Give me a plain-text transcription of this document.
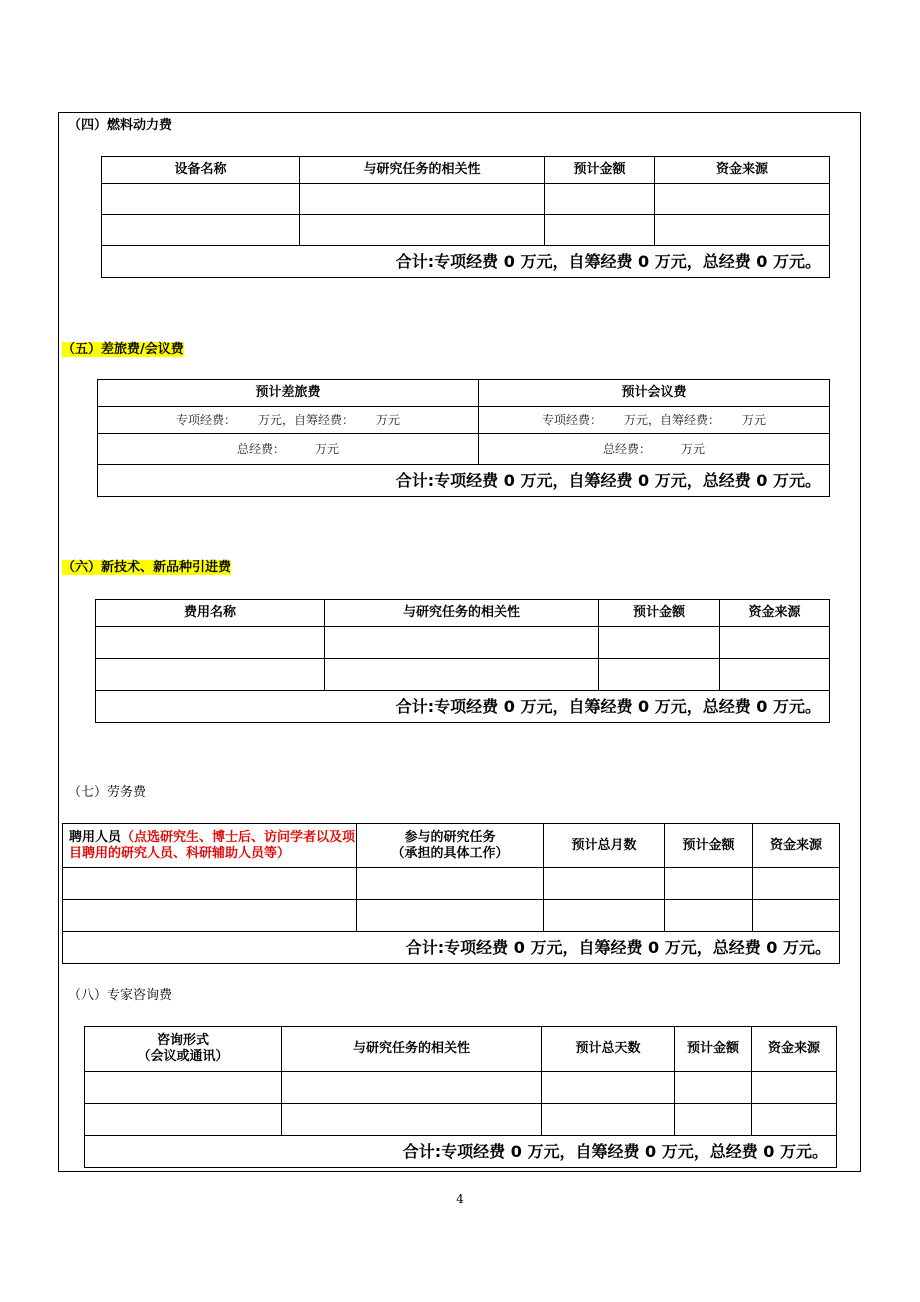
（四）燃料动力费
设备名称	与研究任务的相关性	预计金额	资金来源

合计:专项经费 0 万元，自筹经费 0 万元，总经费 0 万元。			
（五）差旅费/会议费
预计差旅费	预计会议费
专项经费： 万元，自筹经费： 万元	专项经费： 万元，自筹经费： 万元
总经费： 万元	总经费： 万元
合计:专项经费 0 万元，自筹经费 0 万元，总经费 0 万元。	
（六）新技术、新品种引进费
费用名称	与研究任务的相关性	预计金额	资金来源

合计:专项经费 0 万元，自筹经费 0 万元，总经费 0 万元。			
（七）劳务费
聘用人员（点选研究生、博士后、访问学者以及项目聘用的研究人员、科研辅助人员等）	参与的研究任务
（承担的具体工作）	预计总月数	预计金额	资金来源

合计:专项经费 0 万元，自筹经费 0 万元，总经费 0 万元。				
（八）专家咨询费
咨询形式
（会议或通讯）	与研究任务的相关性	预计总天数	预计金额	资金来源

合计:专项经费 0 万元，自筹经费 0 万元，总经费 0 万元。				
4
